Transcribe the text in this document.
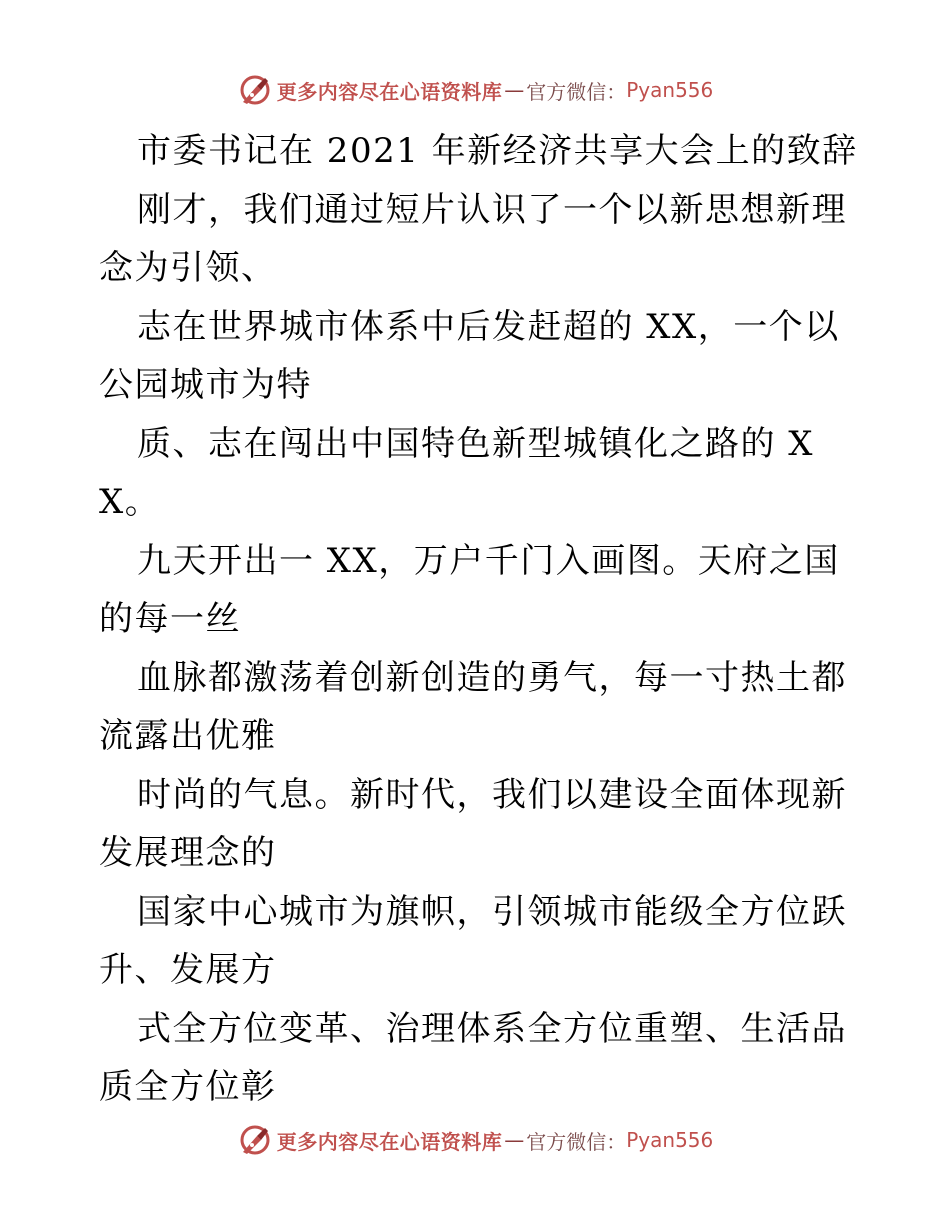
更多内容尽在心语资料库 — 官方微信： Pyan556

市委书记在 2021 年新经济共享大会上的致辞

刚才，我们通过短片认识了一个以新思想新理念为引领、

志在世界城市体系中后发赶超的 XX，一个以公园城市为特

质、志在闯出中国特色新型城镇化之路的 XX。

九天开出一 XX，万户千门入画图。天府之国的每一丝

血脉都激荡着创新创造的勇气，每一寸热土都流露出优雅

时尚的气息。新时代，我们以建设全面体现新发展理念的

国家中心城市为旗帜，引领城市能级全方位跃升、发展方

式全方位变革、治理体系全方位重塑、生活品质全方位彰

更多内容尽在心语资料库 — 官方微信： Pyan556
